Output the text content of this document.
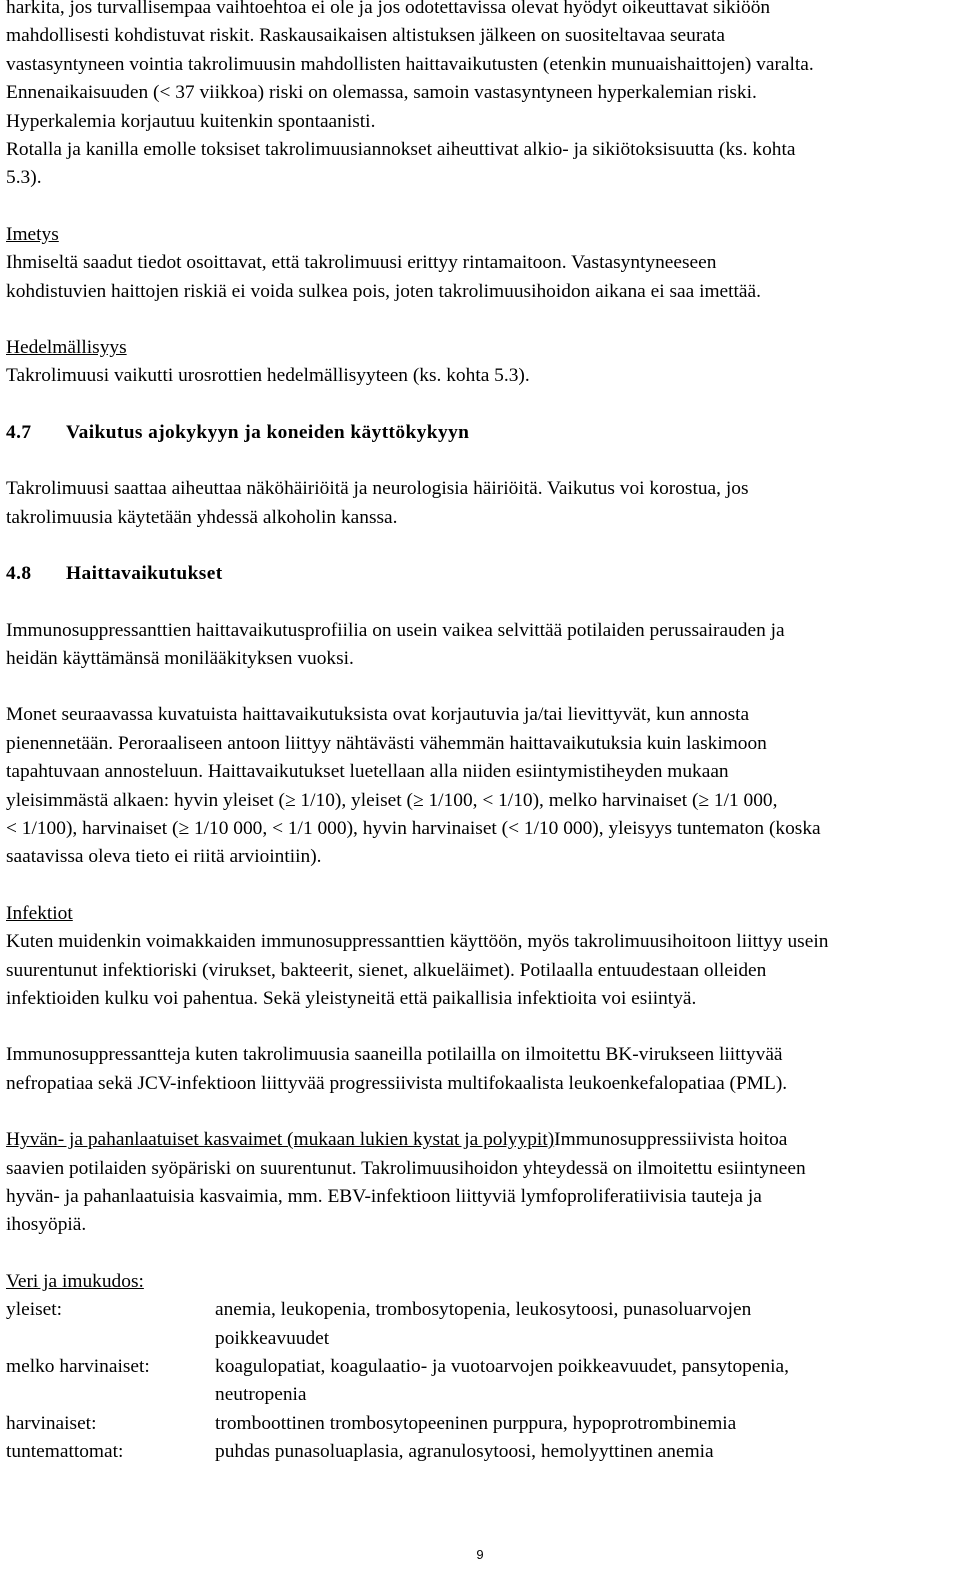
harkita, jos turvallisempaa vaihtoehtoa ei ole ja jos odotettavissa olevat hyödyt oikeuttavat sikiöön
mahdollisesti kohdistuvat riskit. Raskausaikaisen altistuksen jälkeen on suositeltavaa seurata
vastasyntyneen vointia takrolimuusin mahdollisten haittavaikutusten (etenkin munuaishaittojen) varalta.
Ennenaikaisuuden (< 37 viikkoa) riski on olemassa, samoin vastasyntyneen hyperkalemian riski.
Hyperkalemia korjautuu kuitenkin spontaanisti.

Rotalla ja kanilla emolle toksiset takrolimuusiannokset aiheuttivat alkio- ja sikiötoksisuutta (ks. kohta
5.3).

Imetys
Ihmiseltä saadut tiedot osoittavat, että takrolimuusi erittyy rintamaitoon. Vastasyntyneeseen
kohdistuvien haittojen riskiä ei voida sulkea pois, joten takrolimuusihoidon aikana ei saa imettää.

Hedelmällisyys
Takrolimuusi vaikutti urosrottien hedelmällisyyteen (ks. kohta 5.3).

4.7 Vaikutus ajokykyyn ja koneiden käyttökykyyn

Takrolimuusi saattaa aiheuttaa näköhäiriöitä ja neurologisia häiriöitä. Vaikutus voi korostua, jos
takrolimuusia käytetään yhdessä alkoholin kanssa.

4.8 Haittavaikutukset

Immunosuppressanttien haittavaikutusprofiilia on usein vaikea selvittää potilaiden perussairauden ja
heidän käyttämänsä monilääkityksen vuoksi.

Monet seuraavassa kuvatuista haittavaikutuksista ovat korjautuvia ja/tai lievittyvät, kun annosta
pienennetään. Peroraaliseen antoon liittyy nähtävästi vähemmän haittavaikutuksia kuin laskimoon
tapahtuvaan annosteluun. Haittavaikutukset luetellaan alla niiden esiintymistiheyden mukaan
yleisimmästä alkaen: hyvin yleiset (≥ 1/10), yleiset (≥ 1/100, < 1/10), melko harvinaiset (≥ 1/1 000,
< 1/100), harvinaiset (≥ 1/10 000, < 1/1 000), hyvin harvinaiset (< 1/10 000), yleisyys tuntematon (koska
saatavissa oleva tieto ei riitä arviointiin).

Infektiot
Kuten muidenkin voimakkaiden immunosuppressanttien käyttöön, myös takrolimuusihoitoon liittyy usein
suurentunut infektioriski (virukset, bakteerit, sienet, alkueläimet). Potilaalla entuudestaan olleiden
infektioiden kulku voi pahentua. Sekä yleistyneitä että paikallisia infektioita voi esiintyä.

Immunosuppressantteja kuten takrolimuusia saaneilla potilailla on ilmoitettu BK-virukseen liittyvää
nefropatiaa sekä JCV-infektioon liittyvää progressiivista multifokaalista leukoenkefalopatiaa (PML).

Hyvän- ja pahanlaatuiset kasvaimet (mukaan lukien kystat ja polyypit)Immunosuppressiivista hoitoa
saavien potilaiden syöpäriski on suurentunut. Takrolimuusihoidon yhteydessä on ilmoitettu esiintyneen
hyvän- ja pahanlaatuisia kasvaimia, mm. EBV-infektioon liittyviä lymfoproliferatiivisia tauteja ja
ihosyöpiä.

Veri ja imukudos:

yleiset:	anemia, leukopenia, trombosytopenia, leukosytoosi, punasoluarvojen
poikkeavuudet
melko harvinaiset:	koagulopatiat, koagulaatio- ja vuotoarvojen poikkeavuudet, pansytopenia,
neutropenia
harvinaiset:	tromboottinen trombosytopeeninen purppura, hypoprotrombinemia
tuntemattomat:	puhdas punasoluaplasia, agranulosytoosi, hemolyyttinen anemia
9
